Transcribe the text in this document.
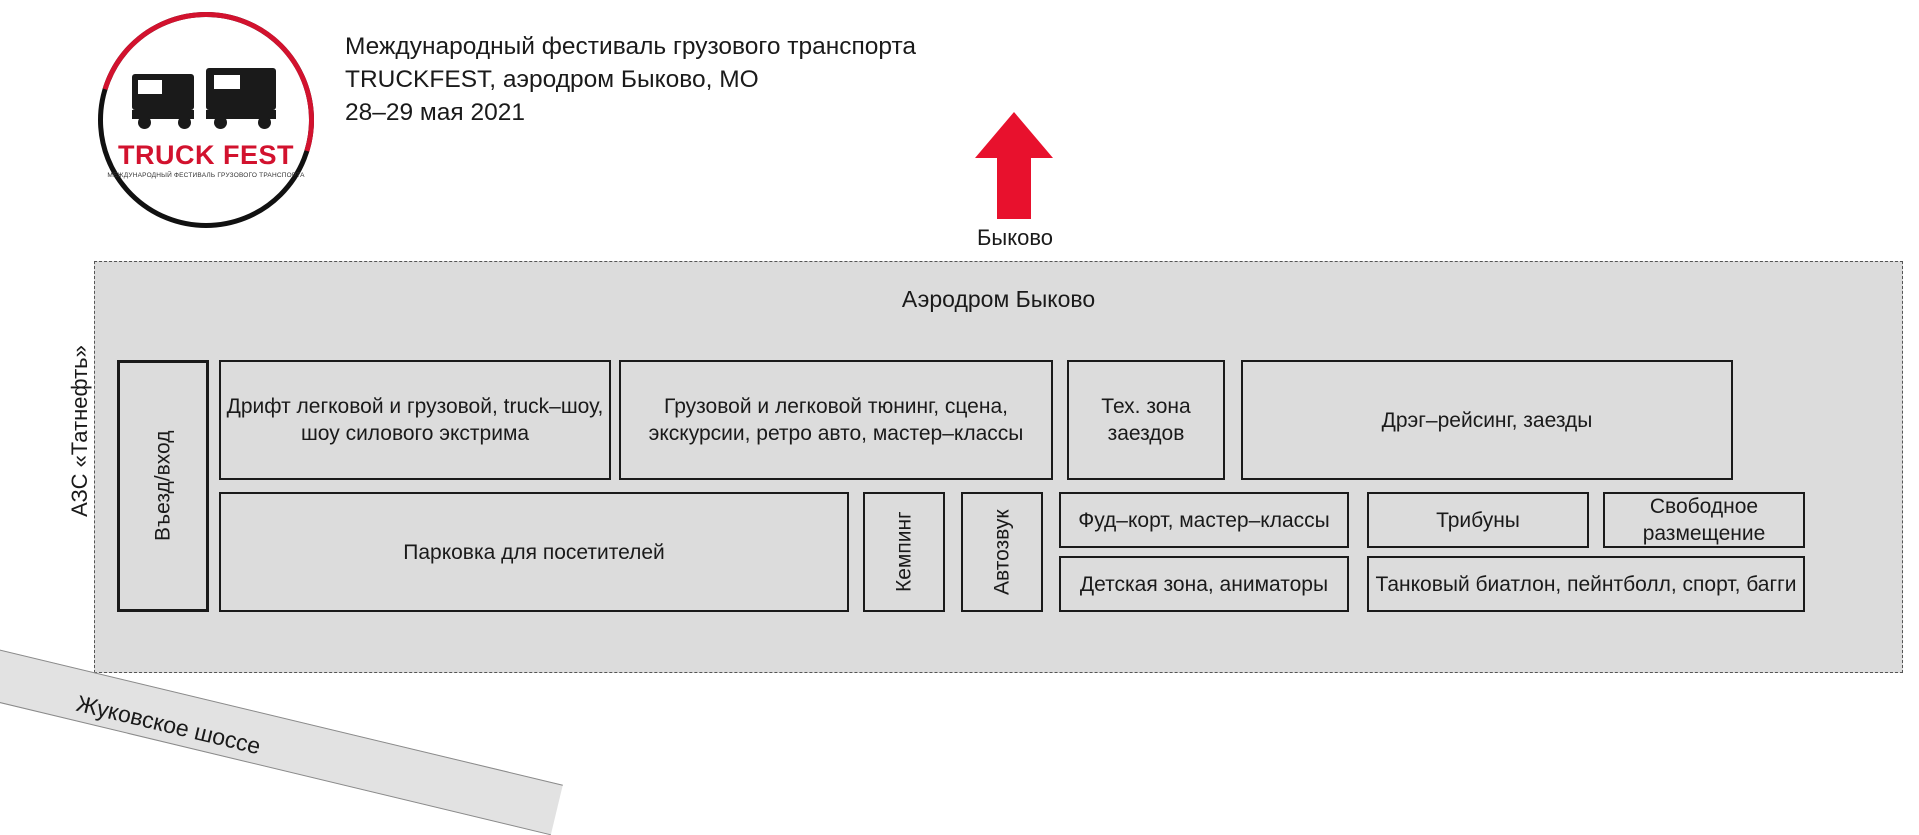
TRUCK FEST
МЕЖДУНАРОДНЫЙ ФЕСТИВАЛЬ ГРУЗОВОГО ТРАНСПОРТА
Международный фестиваль грузового транспорта
TRUCKFEST, аэродром Быково, МО
28–29 мая 2021
Быково
АЗС «Татнефть»
Аэродром Быково
Въезд/вход
Дрифт легковой и грузовой, truck–шоу, шоу силового экстрима
Грузовой и легковой тюнинг, сцена, экскурсии, ретро авто, мастер–классы
Тех. зона заездов
Дрэг–рейсинг, заезды
Парковка для посетителей	Кемпинг	Автозвук	Фуд–корт, мастер–классы	Трибуны
Свободное размещение
Детская зона, аниматоры	Танковый биатлон, пейнтболл, спорт, багги
Жуковское шоссе
